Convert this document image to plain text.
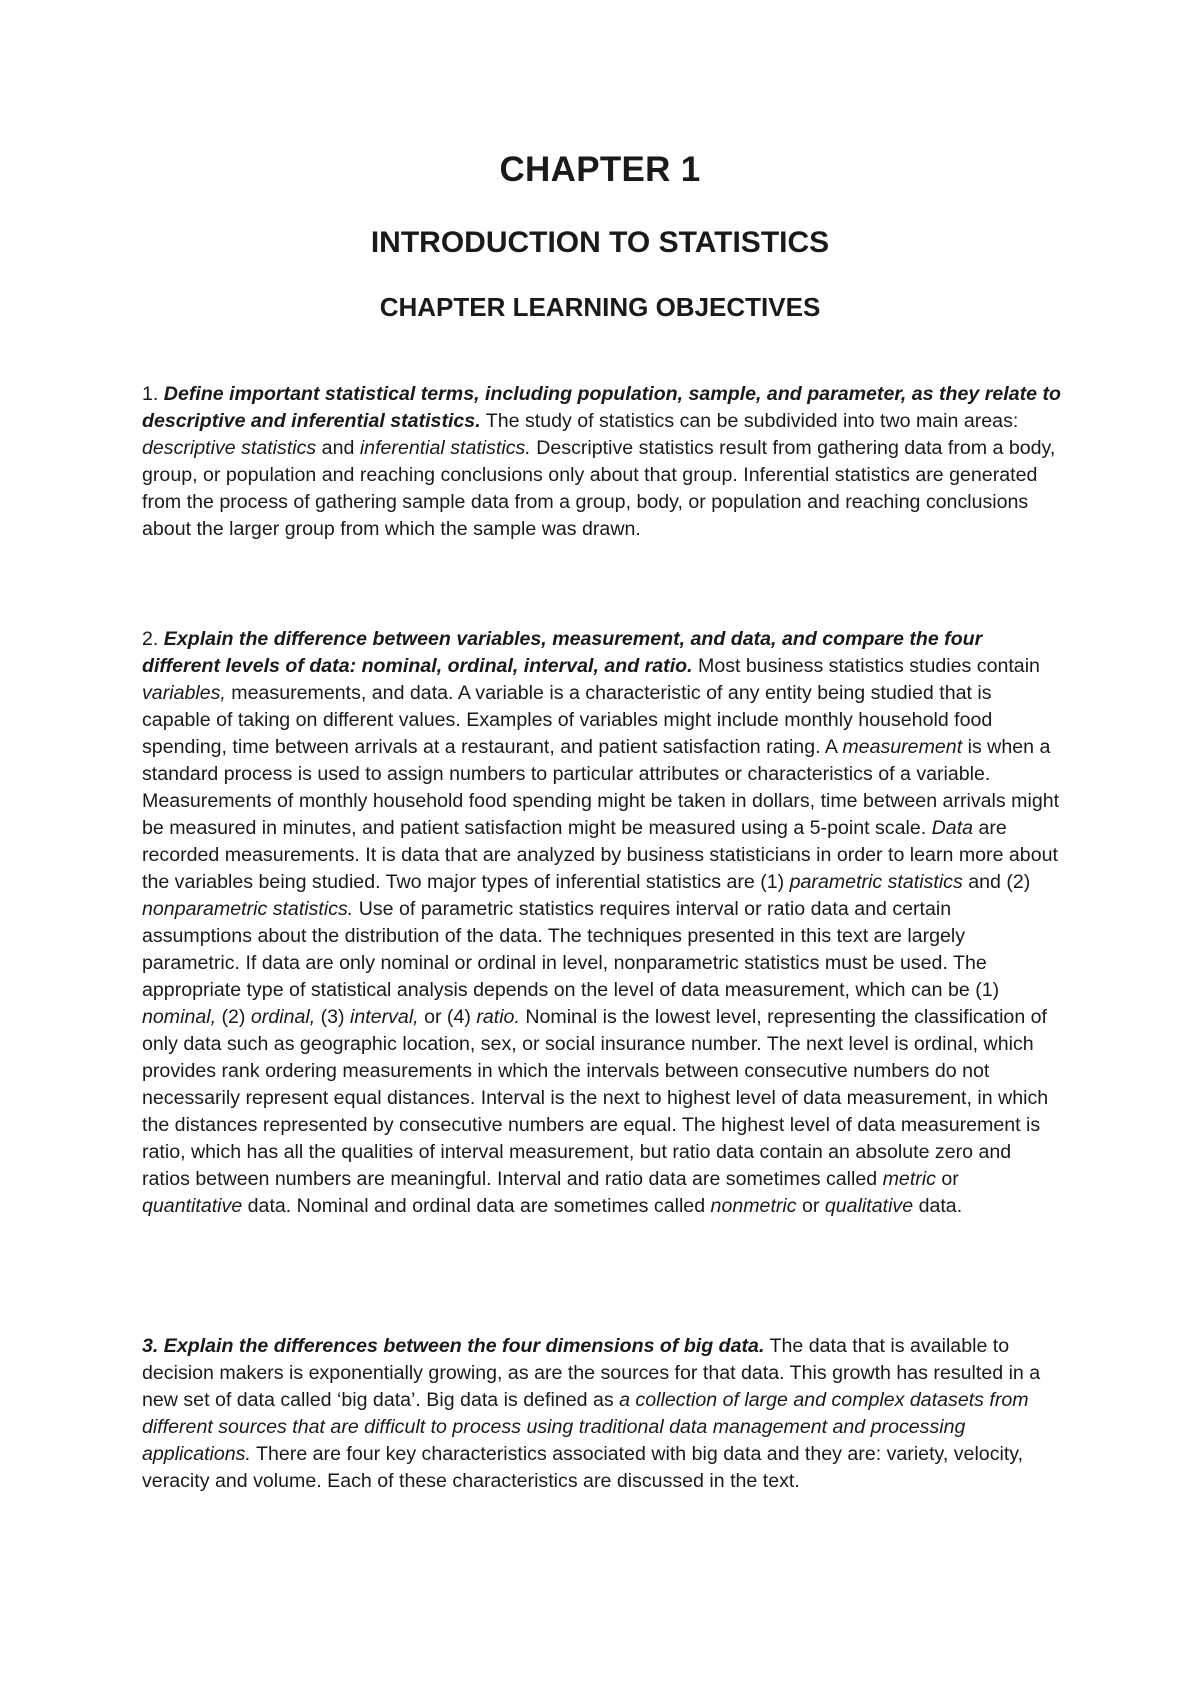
CHAPTER 1
INTRODUCTION TO STATISTICS
CHAPTER LEARNING OBJECTIVES

1. Define important statistical terms, including population, sample, and parameter, as they relate to descriptive and inferential statistics. The study of statistics can be subdivided into two main areas: descriptive statistics and inferential statistics. Descriptive statistics result from gathering data from a body, group, or population and reaching conclusions only about that group. Inferential statistics are generated from the process of gathering sample data from a group, body, or population and reaching conclusions about the larger group from which the sample was drawn.

2. Explain the difference between variables, measurement, and data, and compare the four different levels of data: nominal, ordinal, interval, and ratio. Most business statistics studies contain variables, measurements, and data. A variable is a characteristic of any entity being studied that is capable of taking on different values. Examples of variables might include monthly household food spending, time between arrivals at a restaurant, and patient satisfaction rating. A measurement is when a standard process is used to assign numbers to particular attributes or characteristics of a variable. Measurements of monthly household food spending might be taken in dollars, time between arrivals might be measured in minutes, and patient satisfaction might be measured using a 5-point scale. Data are recorded measurements. It is data that are analyzed by business statisticians in order to learn more about the variables being studied. Two major types of inferential statistics are (1) parametric statistics and (2) nonparametric statistics. Use of parametric statistics requires interval or ratio data and certain assumptions about the distribution of the data. The techniques presented in this text are largely parametric. If data are only nominal or ordinal in level, nonparametric statistics must be used. The appropriate type of statistical analysis depends on the level of data measurement, which can be (1) nominal, (2) ordinal, (3) interval, or (4) ratio. Nominal is the lowest level, representing the classification of only data such as geographic location, sex, or social insurance number. The next level is ordinal, which provides rank ordering measurements in which the intervals between consecutive numbers do not necessarily represent equal distances. Interval is the next to highest level of data measurement, in which the distances represented by consecutive numbers are equal. The highest level of data measurement is ratio, which has all the qualities of interval measurement, but ratio data contain an absolute zero and ratios between numbers are meaningful. Interval and ratio data are sometimes called metric or quantitative data. Nominal and ordinal data are sometimes called nonmetric or qualitative data.

3. Explain the differences between the four dimensions of big data. The data that is available to decision makers is exponentially growing, as are the sources for that data. This growth has resulted in a new set of data called ‘big data’. Big data is defined as a collection of large and complex datasets from different sources that are difficult to process using traditional data management and processing applications. There are four key characteristics associated with big data and they are: variety, velocity, veracity and volume. Each of these characteristics are discussed in the text.
